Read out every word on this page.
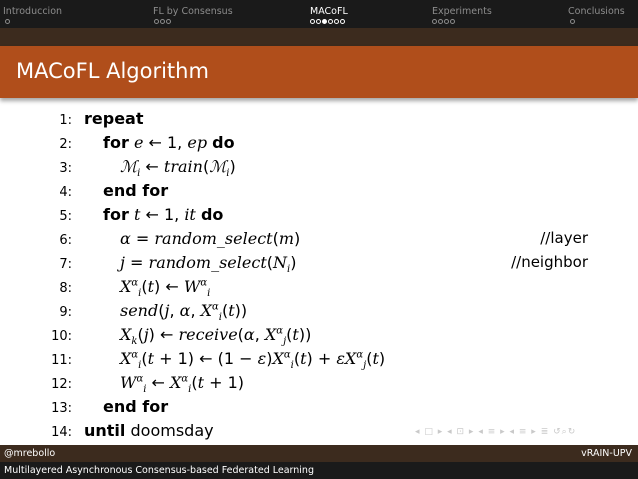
Introduccion	FL by Consensus	MACoFL	Experiments	Conclusions
MACoFL Algorithm
1: repeat
2: for e ← 1, ep do
3:	ℳ$_i$ ← train(ℳ$_i$)
4: end for
5: for t ← 1, it do
6:	α = random_select(m)	//layer
7:	$j = random\_select(N_i)$	//neighbor
8:	$X^\alpha_i(t)$ ← $W^\alpha_i$
9:	send(j, α, $X^\alpha_i(t)$)
10:	$X_k(j)$ ← receive(α, $X^\alpha_j(t)$)
11:	$X^\alpha_i(t + 1)$ ← $(1 - \varepsilon)X^\alpha_i(t) + \varepsilon X^\alpha_j(t)$
12:	$W^\alpha_i$ ← $X^\alpha_i(t + 1)$
13: end for
14: until doomsday	◂ □ ▸ ◂ ⊡ ▸ ◂ ≡ ▸ ◂ ≡ ▸ ≣ ↺⌕↻
@mrebollo	vRAIN-UPV
Multilayered Asynchronous Consensus-based Federated Learning
